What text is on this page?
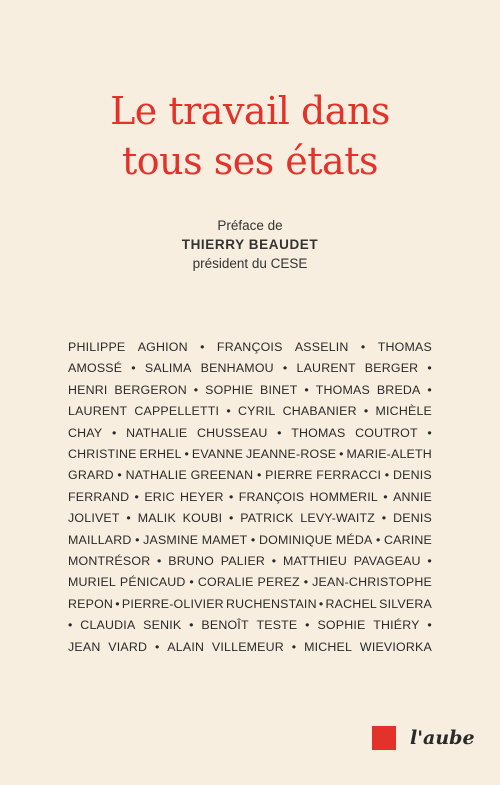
Le travail dans
tous ses états
Préface de
THIERRY BEAUDET
président du CESE
PHILIPPE AGHION • FRANÇOIS ASSELIN • THOMAS
AMOSSÉ • SALIMA BENHAMOU • LAURENT BERGER •
HENRI BERGERON • SOPHIE BINET • THOMAS BREDA •
LAURENT CAPPELLETTI • CYRIL CHABANIER • MICHÈLE
CHAY • NATHALIE CHUSSEAU • THOMAS COUTROT •
CHRISTINE ERHEL • EVANNE JEANNE-ROSE • MARIE-ALETH
GRARD • NATHALIE GREENAN • PIERRE FERRACCI • DENIS
FERRAND • ERIC HEYER • FRANÇOIS HOMMERIL • ANNIE
JOLIVET • MALIK KOUBI • PATRICK LEVY-WAITZ • DENIS
MAILLARD • JASMINE MAMET • DOMINIQUE MÉDA • CARINE
MONTRÉSOR • BRUNO PALIER • MATTHIEU PAVAGEAU •
MURIEL PÉNICAUD • CORALIE PEREZ • JEAN-CHRISTOPHE
REPON • PIERRE-OLIVIER RUCHENSTAIN • RACHEL SILVERA
• CLAUDIA SENIK • BENOÎT TESTE • SOPHIE THIÉRY •
JEAN VIARD • ALAIN VILLEMEUR • MICHEL WIEVIORKA
l'aube
